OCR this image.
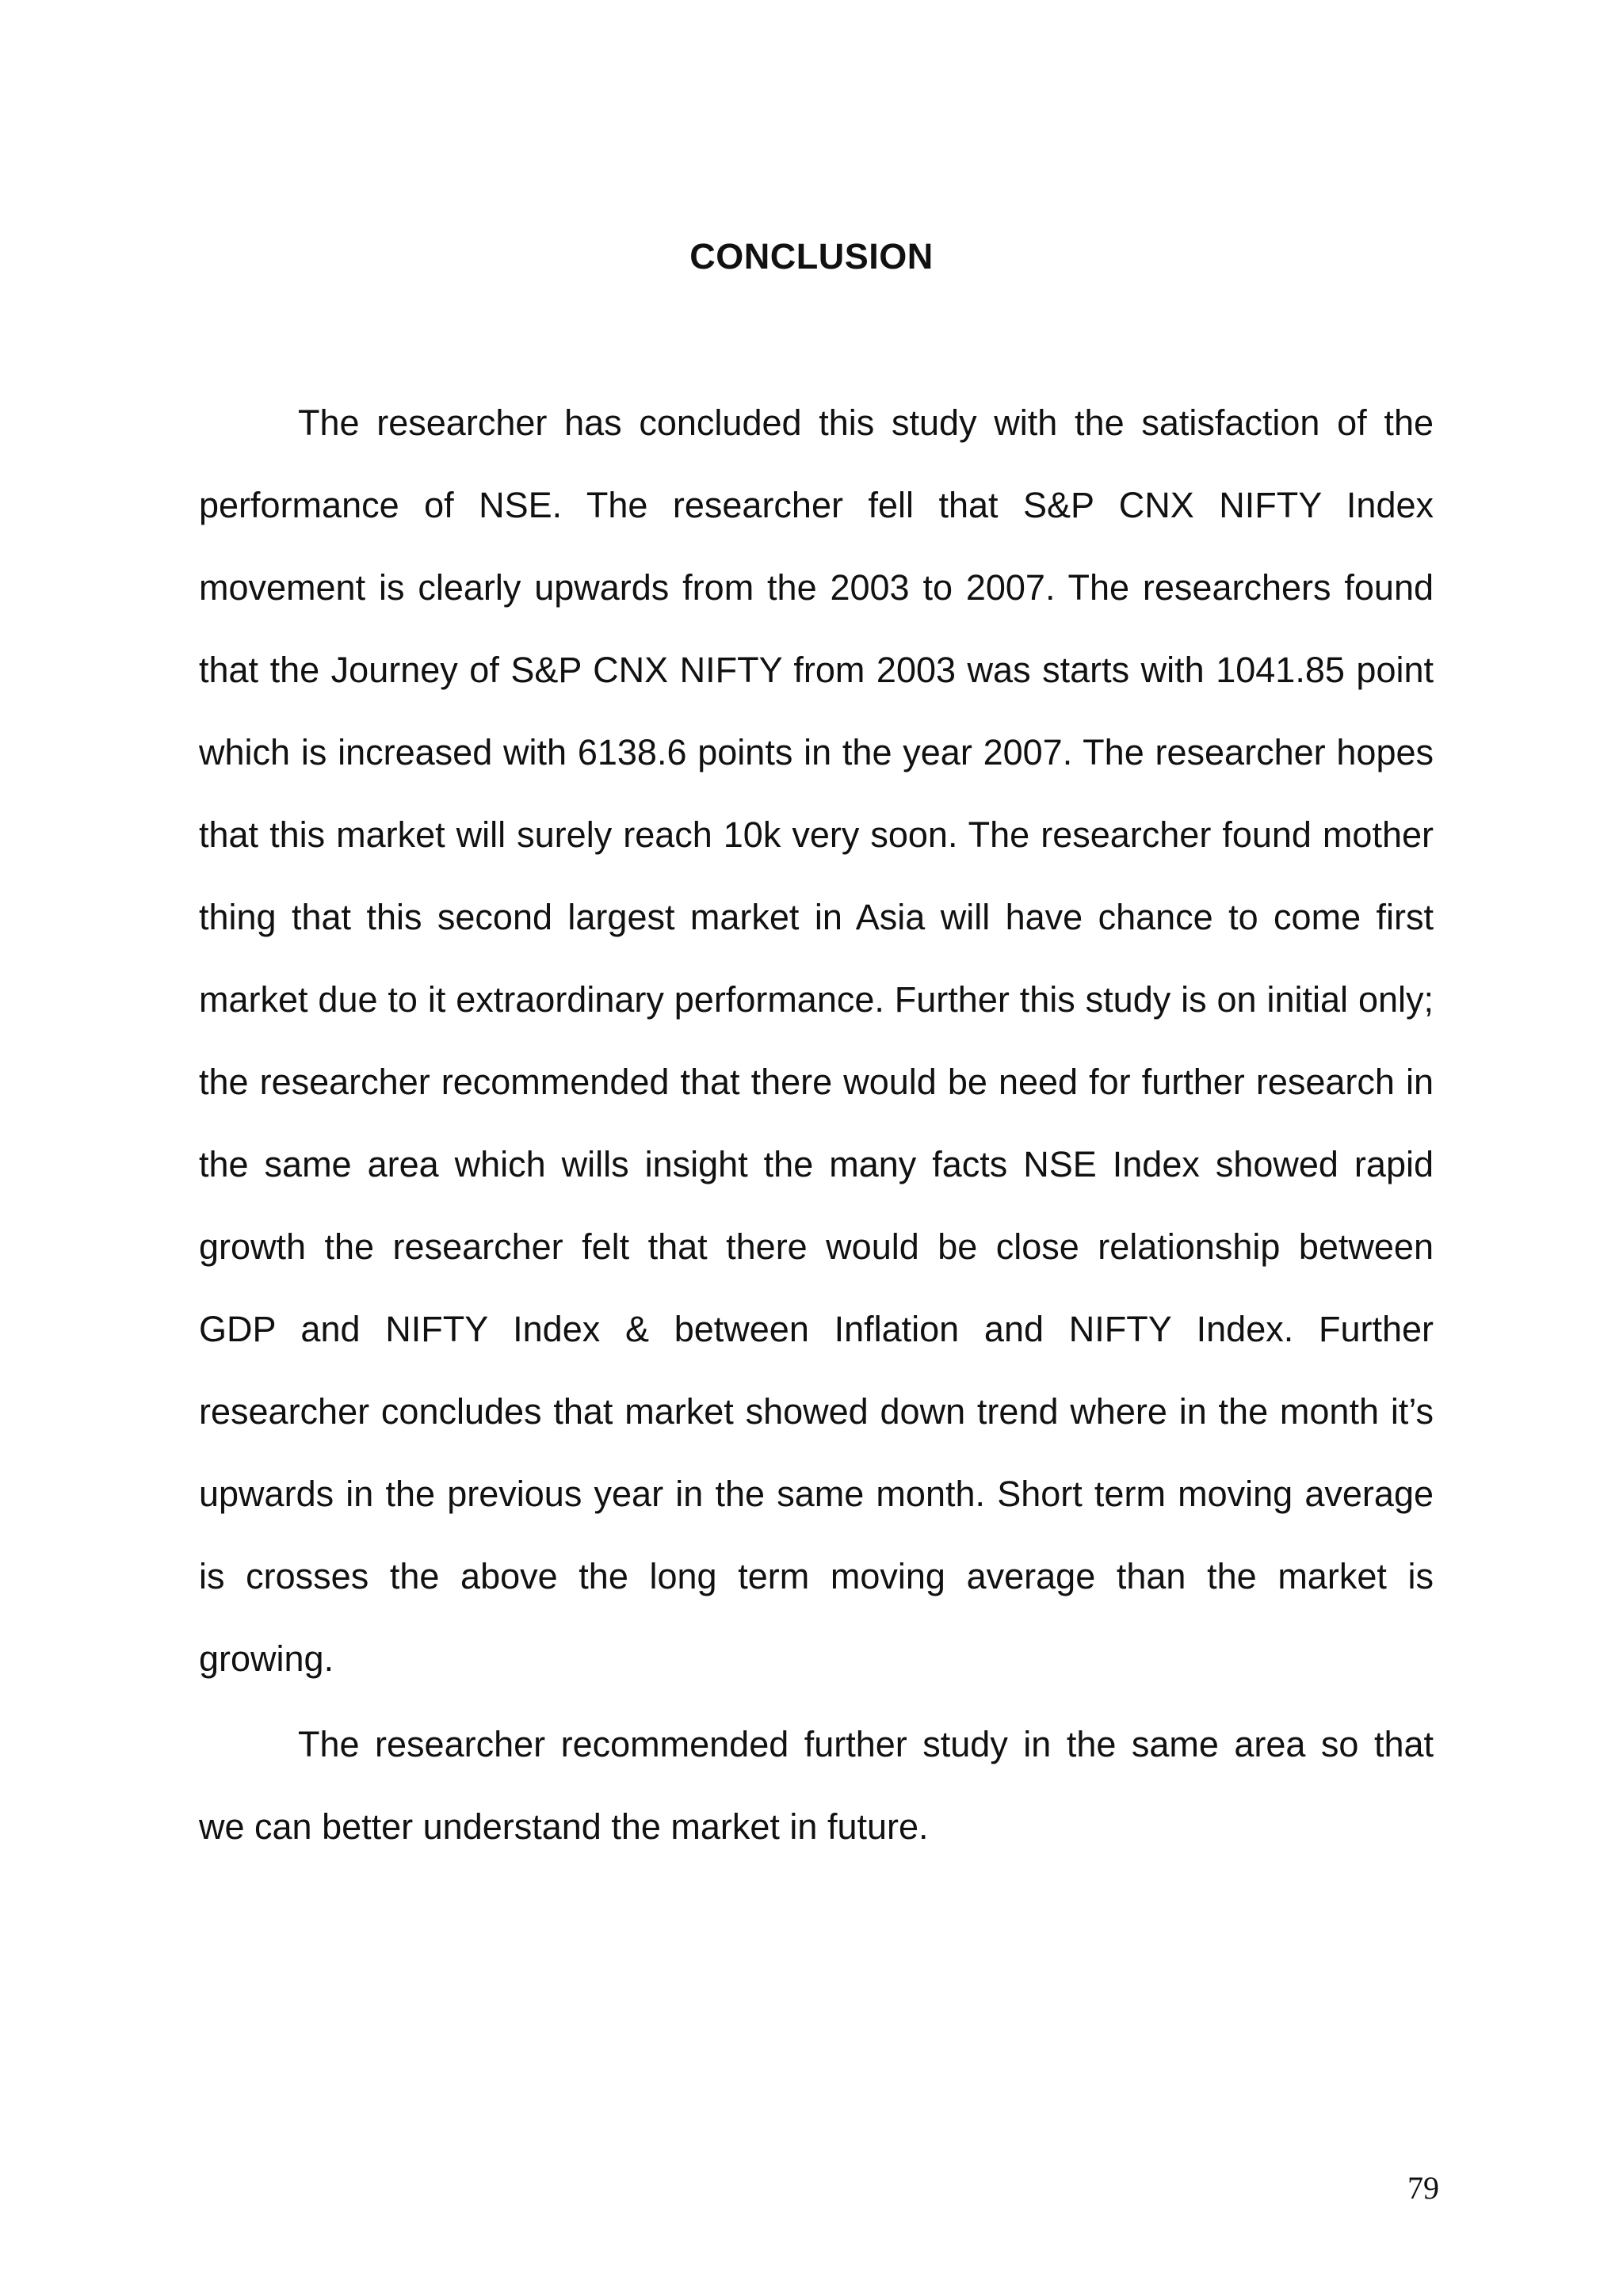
CONCLUSION

The researcher has concluded this study with the satisfaction of the performance of NSE. The researcher fell that S&P CNX NIFTY Index movement is clearly upwards from the 2003 to 2007. The researchers found that the Journey of S&P CNX NIFTY from 2003 was starts with 1041.85 point which is increased with 6138.6 points in the year 2007. The researcher hopes that this market will surely reach 10k very soon. The researcher found mother thing that this second largest market in Asia will have chance to come first market due to it extraordinary performance. Further this study is on initial only; the researcher recommended that there would be need for further research in the same area which wills insight the many facts NSE Index showed rapid growth the researcher felt that there would be close relationship between GDP and NIFTY Index & between Inflation and NIFTY Index. Further researcher concludes that market showed down trend where in the month it’s upwards in the previous year in the same month. Short term moving average is crosses the above the long term moving average than the market is growing.

The researcher recommended further study in the same area so that we can better understand the market in future.

79
